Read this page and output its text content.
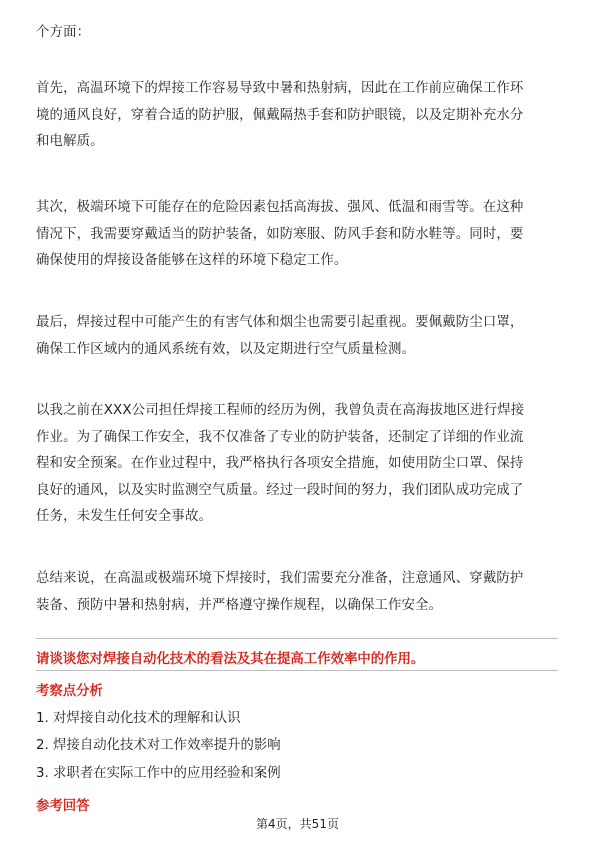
个方面：

首先，高温环境下的焊接工作容易导致中暑和热射病，因此在工作前应确保工作环
境的通风良好，穿着合适的防护服，佩戴隔热手套和防护眼镜，以及定期补充水分
和电解质。

其次，极端环境下可能存在的危险因素包括高海拔、强风、低温和雨雪等。在这种
情况下，我需要穿戴适当的防护装备，如防寒服、防风手套和防水鞋等。同时，要
确保使用的焊接设备能够在这样的环境下稳定工作。

最后，焊接过程中可能产生的有害气体和烟尘也需要引起重视。要佩戴防尘口罩，
确保工作区域内的通风系统有效，以及定期进行空气质量检测。

以我之前在XXX公司担任焊接工程师的经历为例，我曾负责在高海拔地区进行焊接
作业。为了确保工作安全，我不仅准备了专业的防护装备，还制定了详细的作业流
程和安全预案。在作业过程中，我严格执行各项安全措施，如使用防尘口罩、保持
良好的通风，以及实时监测空气质量。经过一段时间的努力，我们团队成功完成了
任务，未发生任何安全事故。

总结来说，在高温或极端环境下焊接时，我们需要充分准备，注意通风、穿戴防护
装备、预防中暑和热射病，并严格遵守操作规程，以确保工作安全。

请谈谈您对焊接自动化技术的看法及其在提高工作效率中的作用。

考察点分析

1. 对焊接自动化技术的理解和认识

2. 焊接自动化技术对工作效率提升的影响

3. 求职者在实际工作中的应用经验和案例

参考回答

第4页，共51页
